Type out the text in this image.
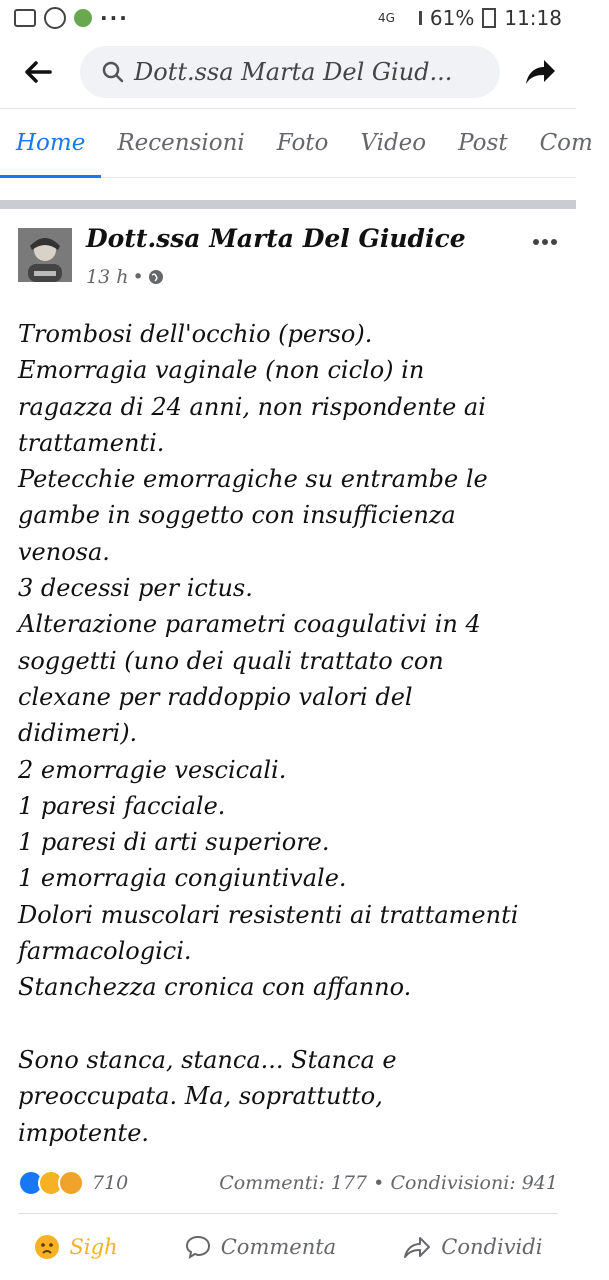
···	4G 61% 11:18
Dott.ssa Marta Del Giud...
Home	Recensioni	Foto	Video	Post	Com
Dott.ssa Marta Del Giudice
13 h •

Trombosi dell'occhio (perso).

Emorragia vaginale (non ciclo) in

ragazza di 24 anni, non rispondente ai

trattamenti.

Petecchie emorragiche su entrambe le

gambe in soggetto con insufficienza

venosa.

3 decessi per ictus.

Alterazione parametri coagulativi in 4

soggetti (uno dei quali trattato con

clexane per raddoppio valori del

didimeri).

2 emorragie vescicali.

1 paresi facciale.

1 paresi di arti superiore.

1 emorragia congiuntivale.

Dolori muscolari resistenti ai trattamenti

farmacologici.

Stanchezza cronica con affanno.

Sono stanca, stanca... Stanca e

preoccupata. Ma, soprattutto,

impotente.

710	Commenti: 177 • Condivisioni: 941
Sigh	Commenta	Condividi
